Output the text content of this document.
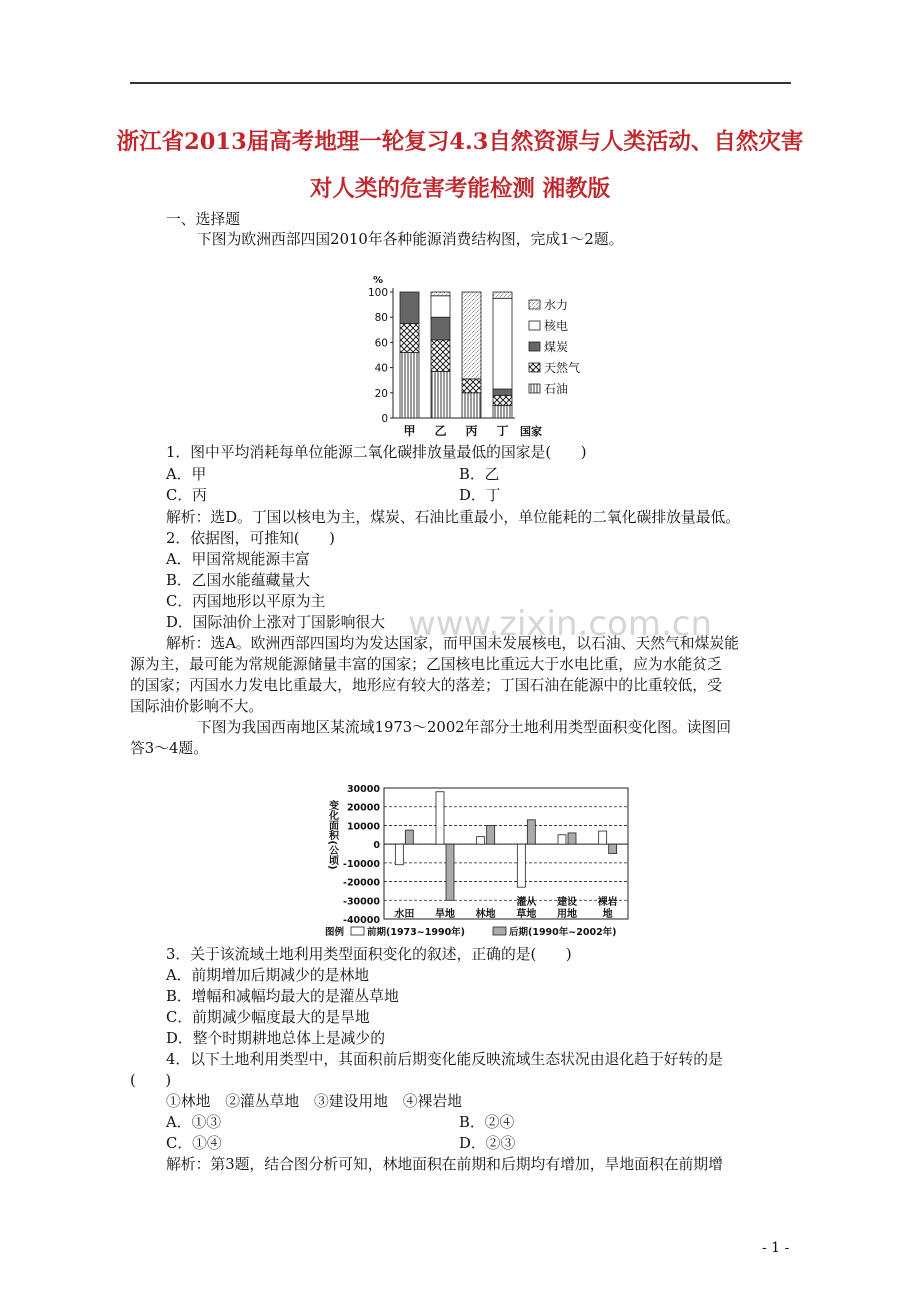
浙江省2013届高考地理一轮复习4.3自然资源与人类活动、自然灾害
对人类的危害考能检测 湘教版
一、选择题
下图为欧洲西部四国2010年各种能源消费结构图，完成1～2题。
%
0
20
40
60
80
100
国家
甲 乙 丙 丁
水力
核电
煤炭
天然气
石油
1．图中平均消耗每单位能源二氧化碳排放量最低的国家是(　　)
A．甲	B．乙
C．丙	D．丁
解析：选D。丁国以核电为主，煤炭、石油比重最小，单位能耗的二氧化碳排放量最低。
2．依据图，可推知(　　)
A．甲国常规能源丰富
B．乙国水能蕴藏量大
C．丙国地形以平原为主
D．国际油价上涨对丁国影响很大 www.zixin.com.cn
解析：选A。欧洲西部四国均为发达国家，而甲国未发展核电，以石油、天然气和煤炭能
源为主，最可能为常规能源储量丰富的国家；乙国核电比重远大于水电比重，应为水能贫乏
的国家；丙国水力发电比重最大，地形应有较大的落差；丁国石油在能源中的比重较低，受
国际油价影响不大。
下图为我国西南地区某流域1973～2002年部分土地利用类型面积变化图。读图回
答3～4题。
30000
20000
10000
0
-10000
-20000
-30000
-40000
变化面积(公顷)
水田 旱地 林地
灌从
草地
建设
用地
裸岩
地
图例 前期(1973~1990年)	后期(1990年~2002年)
3．关于该流域土地利用类型面积变化的叙述，正确的是(　　)
A．前期增加后期减少的是林地
B．增幅和减幅均最大的是灌丛草地
C．前期减少幅度最大的是旱地
D．整个时期耕地总体上是减少的
4．以下土地利用类型中，其面积前后期变化能反映流域生态状况由退化趋于好转的是
(　　)
①林地　②灌丛草地　③建设用地　④裸岩地
A．①③	B．②④
C．①④	D．②③
解析：第3题，结合图分析可知，林地面积在前期和后期均有增加，旱地面积在前期增
- 1 -
